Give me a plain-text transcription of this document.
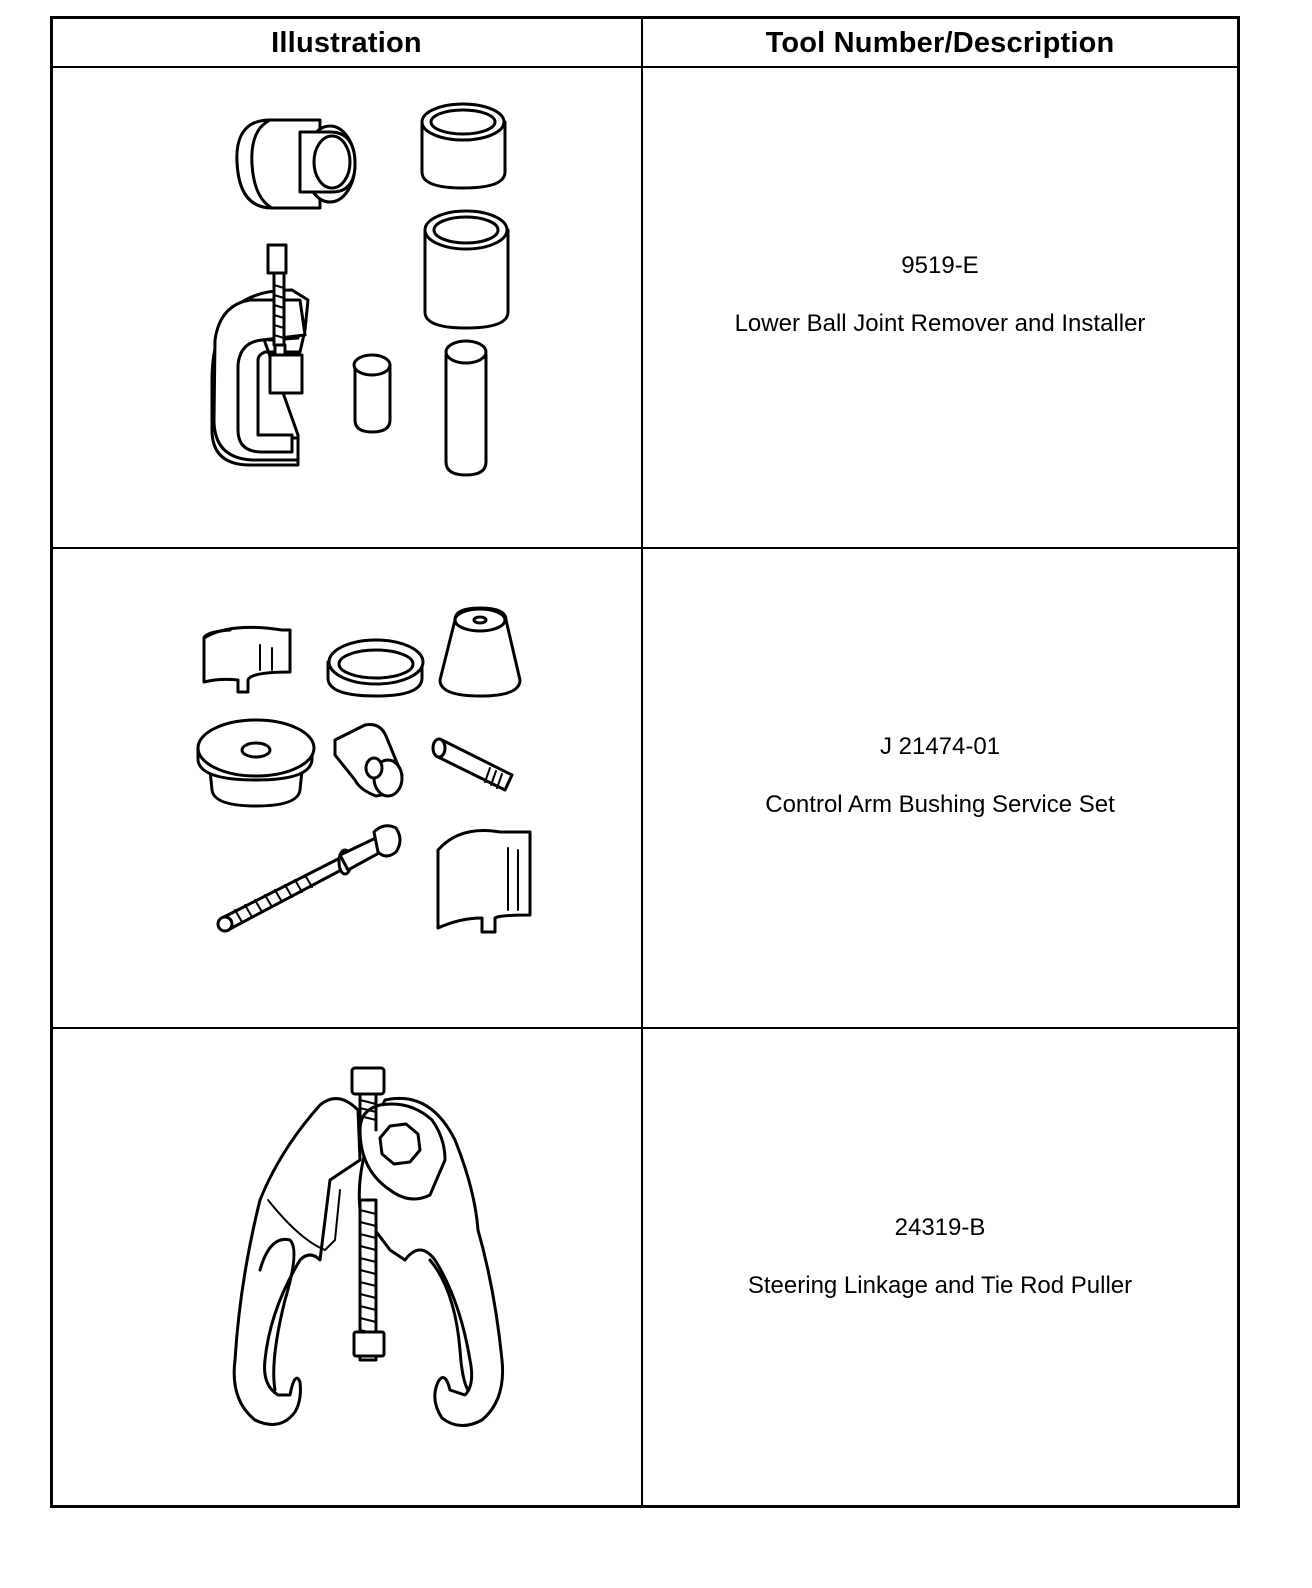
Illustration	Tool Number/Description
9519-E
Lower Ball Joint Remover and Installer
J 21474-01
Control Arm Bushing Service Set
24319-B
Steering Linkage and Tie Rod Puller
